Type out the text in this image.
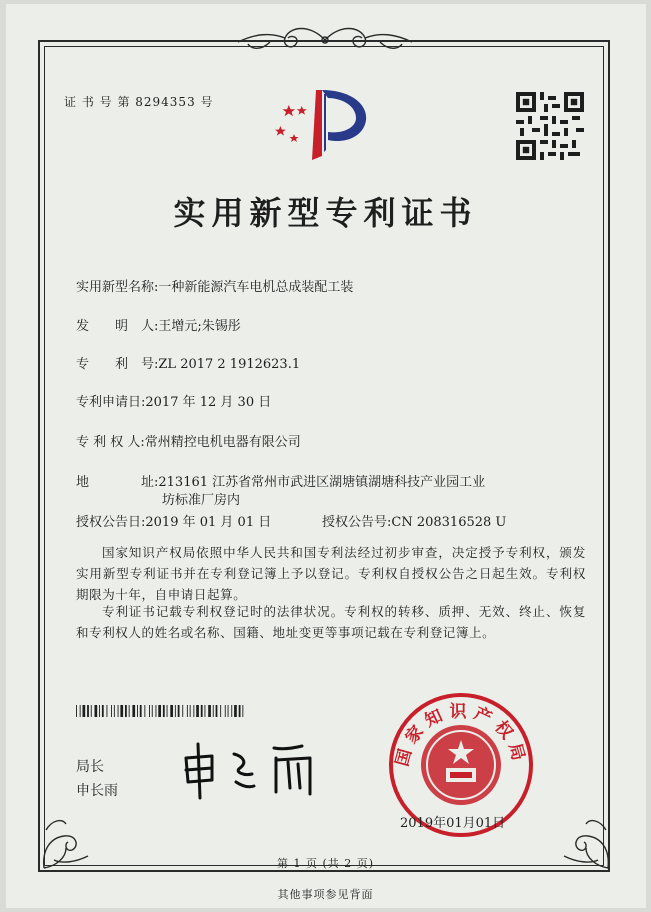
证 书 号 第 8294353 号
实用新型专利证书
实用新型名称:一种新能源汽车电机总成装配工装
发　　明　人:王增元;朱锡彤
专　　利　号:ZL 2017 2 1912623.1
专利申请日:2017 年 12 月 30 日
专 利 权 人:常州精控电机电器有限公司
地　　　　址:213161 江苏省常州市武进区湖塘镇湖塘科技产业园工业
坊标准厂房内
授权公告日:2019 年 01 月 01 日	授权公告号:CN 208316528 U
国家知识产权局依照中华人民共和国专利法经过初步审查，决定授予专利权，颁发实用新型专利证书并在专利登记簿上予以登记。专利权自授权公告之日起生效。专利权期限为十年，自申请日起算。
专利证书记载专利权登记时的法律状况。专利权的转移、质押、无效、终止、恢复和专利权人的姓名或名称、国籍、地址变更等事项记载在专利登记簿上。
局长
申长雨
国家知识产权局
2019年01月01日
第 1 页 (共 2 页)
其他事项参见背面
